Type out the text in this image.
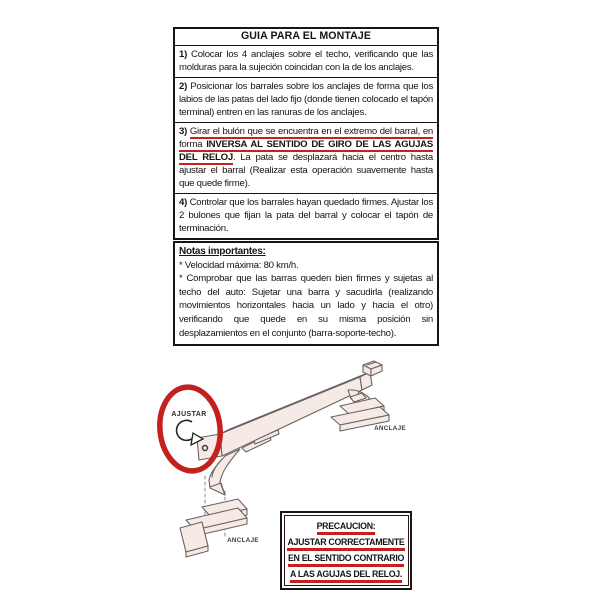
GUIA PARA EL MONTAJE
1) Colocar los 4 anclajes sobre el techo, verificando que las molduras para la sujeción coincidan con la de los anclajes.
2) Posicionar los barrales sobre los anclajes de forma que los labios de las patas del lado fijo (donde tienen colocado el tapón terminal) entren en las ranuras de los anclajes.
3) Girar el bulón que se encuentra en el extremo del barral, en forma INVERSA AL SENTIDO DE GIRO DE LAS AGUJAS DEL RELOJ. La pata se desplazará hacia el centro hasta ajustar el barral (Realizar esta operación suavemente hasta que quede firme).
4) Controlar que los barrales hayan quedado firmes. Ajustar los 2 bulones que fijan la pata del barral y colocar el tapón de terminación.
Notas importantes:
* Velocidad máxima: 80 km/h.
* Comprobar que las barras queden bien firmes y sujetas al techo del auto: Sujetar una barra y sacudirla (realizando movimientos horizontales hacia un lado y hacia el otro) verificando que quede en su misma posición sin desplazamientos en el conjunto (barra-soporte-techo).
AJUSTAR
ANCLAJE
ANCLAJE
PRECAUCION:
AJUSTAR CORRECTAMENTE
EN EL SENTIDO CONTRARIO
A LAS AGUJAS DEL RELOJ.
